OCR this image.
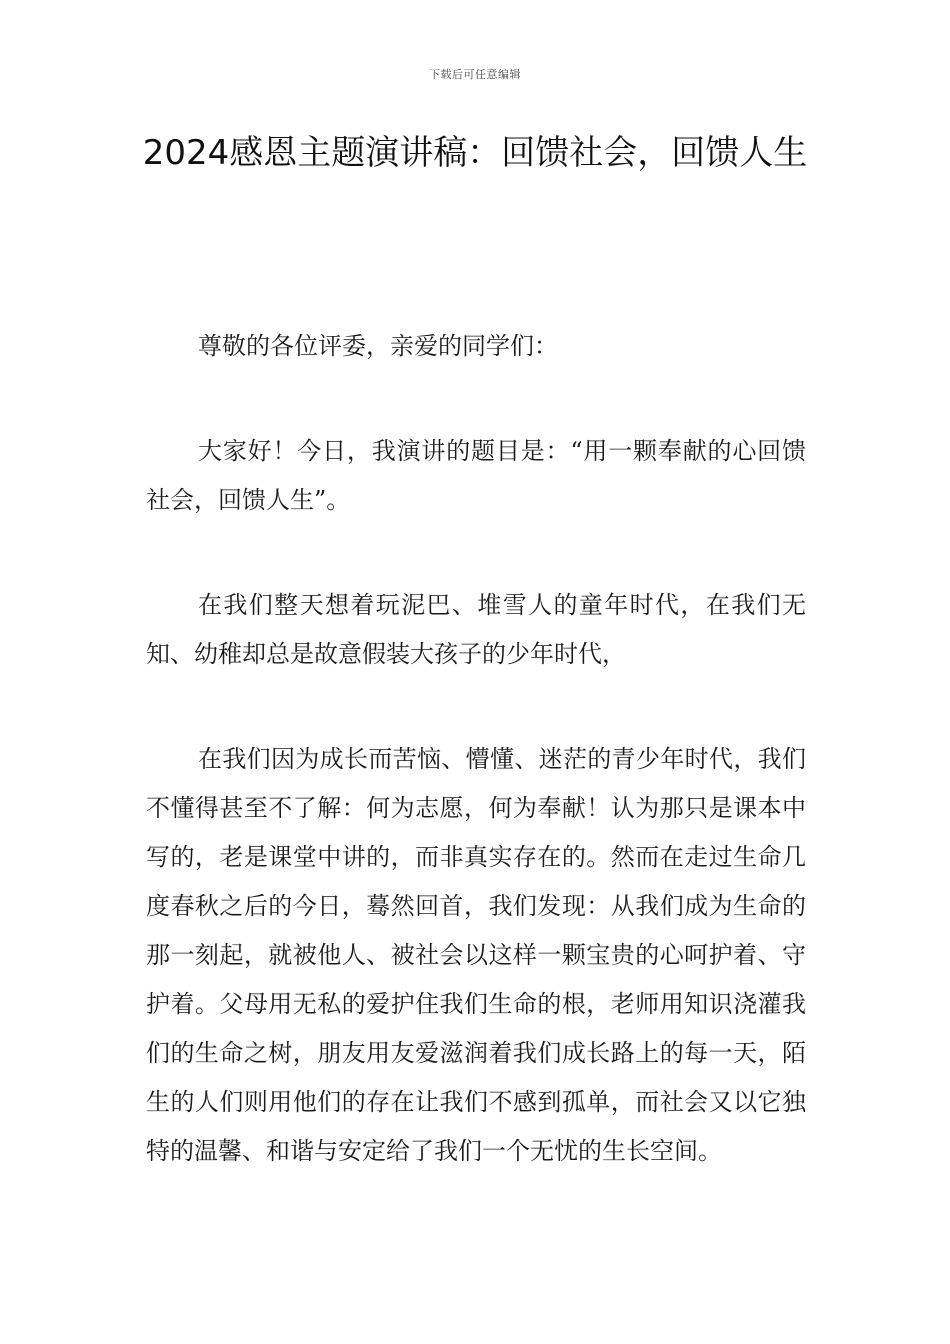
下载后可任意编辑
2024感恩主题演讲稿：回馈社会，回馈人生

尊敬的各位评委，亲爱的同学们：

大家好！今日，我演讲的题目是：“用一颗奉献的心回馈社会，回馈人生”。

在我们整天想着玩泥巴、堆雪人的童年时代，在我们无知、幼稚却总是故意假装大孩子的少年时代，

在我们因为成长而苦恼、懵懂、迷茫的青少年时代，我们不懂得甚至不了解：何为志愿，何为奉献！认为那只是课本中写的，老是课堂中讲的，而非真实存在的。然而在走过生命几度春秋之后的今日，蓦然回首，我们发现：从我们成为生命的那一刻起，就被他人、被社会以这样一颗宝贵的心呵护着、守护着。父母用无私的爱护住我们生命的根，老师用知识浇灌我们的生命之树，朋友用友爱滋润着我们成长路上的每一天，陌生的人们则用他们的存在让我们不感到孤单，而社会又以它独特的温馨、和谐与安定给了我们一个无忧的生长空间。
